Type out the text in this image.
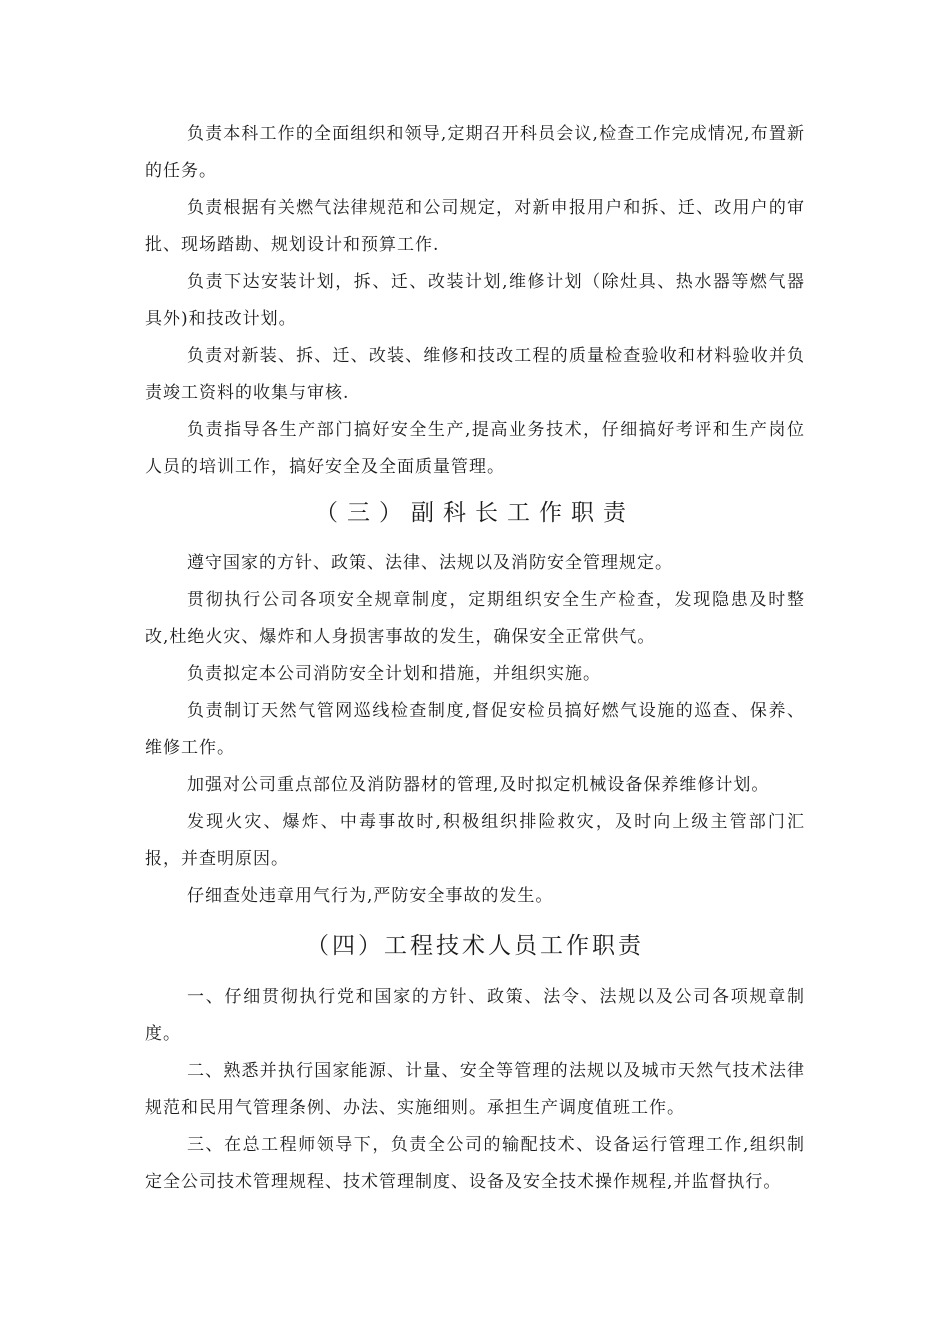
负责本科工作的全面组织和领导,定期召开科员会议,检查工作完成情况,布置新的任务。

负责根据有关燃气法律规范和公司规定，对新申报用户和拆、迁、改用户的审批、现场踏勘、规划设计和预算工作.

负责下达安装计划，拆、迁、改装计划,维修计划（除灶具、热水器等燃气器具外)和技改计划。

负责对新装、拆、迁、改装、维修和技改工程的质量检查验收和材料验收并负责竣工资料的收集与审核.

负责指导各生产部门搞好安全生产,提高业务技术，仔细搞好考评和生产岗位人员的培训工作，搞好安全及全面质量管理。

（三）副科长工作职责

遵守国家的方针、政策、法律、法规以及消防安全管理规定。

贯彻执行公司各项安全规章制度，定期组织安全生产检查，发现隐患及时整改,杜绝火灾、爆炸和人身损害事故的发生，确保安全正常供气。

负责拟定本公司消防安全计划和措施，并组织实施。

负责制订天然气管网巡线检查制度,督促安检员搞好燃气设施的巡查、保养、维修工作。

加强对公司重点部位及消防器材的管理,及时拟定机械设备保养维修计划。

发现火灾、爆炸、中毒事故时,积极组织排险救灾，及时向上级主管部门汇报，并查明原因。

仔细查处违章用气行为,严防安全事故的发生。

（四）工程技术人员工作职责

一、仔细贯彻执行党和国家的方针、政策、法令、法规以及公司各项规章制度。

二、熟悉并执行国家能源、计量、安全等管理的法规以及城市天然气技术法律规范和民用气管理条例、办法、实施细则。承担生产调度值班工作。

三、在总工程师领导下，负责全公司的输配技术、设备运行管理工作,组织制定全公司技术管理规程、技术管理制度、设备及安全技术操作规程,并监督执行。
